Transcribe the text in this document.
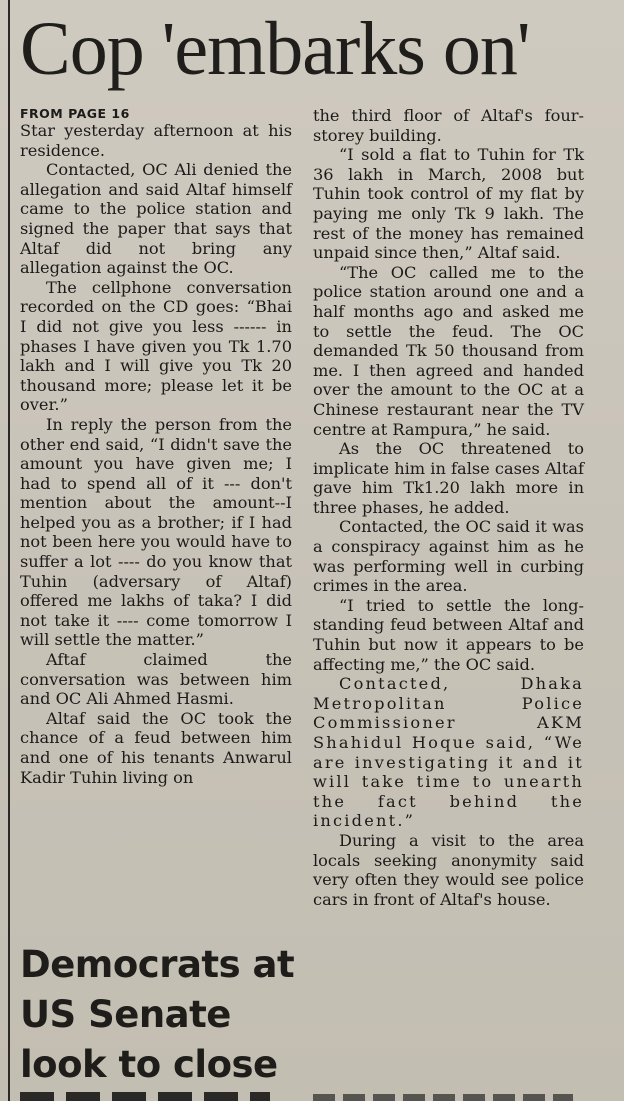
Cop 'embarks on'
FROM PAGE 16

Star yesterday afternoon at his residence.

Contacted, OC Ali denied the allegation and said Altaf himself came to the police station and signed the paper that says that Altaf did not bring any allegation against the OC.

The cellphone conversation recorded on the CD goes: “Bhai I did not give you less ------ in phases I have given you Tk 1.70 lakh and I will give you Tk 20 thousand more; please let it be over.”

In reply the person from the other end said, “I didn't save the amount you have given me; I had to spend all of it --- don't mention about the amount--I helped you as a brother; if I had not been here you would have to suffer a lot ---- do you know that Tuhin (adversary of Altaf) offered me lakhs of taka? I did not take it ---- come tomorrow I will settle the matter.”

Aftaf claimed the conversation was between him and OC Ali Ahmed Hasmi.

Altaf said the OC took the chance of a feud between him and one of his tenants Anwarul Kadir Tuhin living on

the third floor of Altaf's four-storey building.

“I sold a flat to Tuhin for Tk 36 lakh in March, 2008 but Tuhin took control of my flat by paying me only Tk 9 lakh. The rest of the money has remained unpaid since then,” Altaf said.

“The OC called me to the police station around one and a half months ago and asked me to settle the feud. The OC demanded Tk 50 thousand from me. I then agreed and handed over the amount to the OC at a Chinese restaurant near the TV centre at Rampura,” he said.

As the OC threatened to implicate him in false cases Altaf gave him Tk1.20 lakh more in three phases, he added.

Contacted, the OC said it was a conspiracy against him as he was performing well in curbing crimes in the area.

“I tried to settle the long-standing feud between Altaf and Tuhin but now it appears to be affecting me,” the OC said.

Contacted, Dhaka Metropolitan Police Commissioner AKM Shahidul Hoque said, “We are investigating it and it will take time to unearth the fact behind the incident.”

During a visit to the area locals seeking anonymity said very often they would see police cars in front of Altaf's house.

Democrats at
US Senate
look to close
